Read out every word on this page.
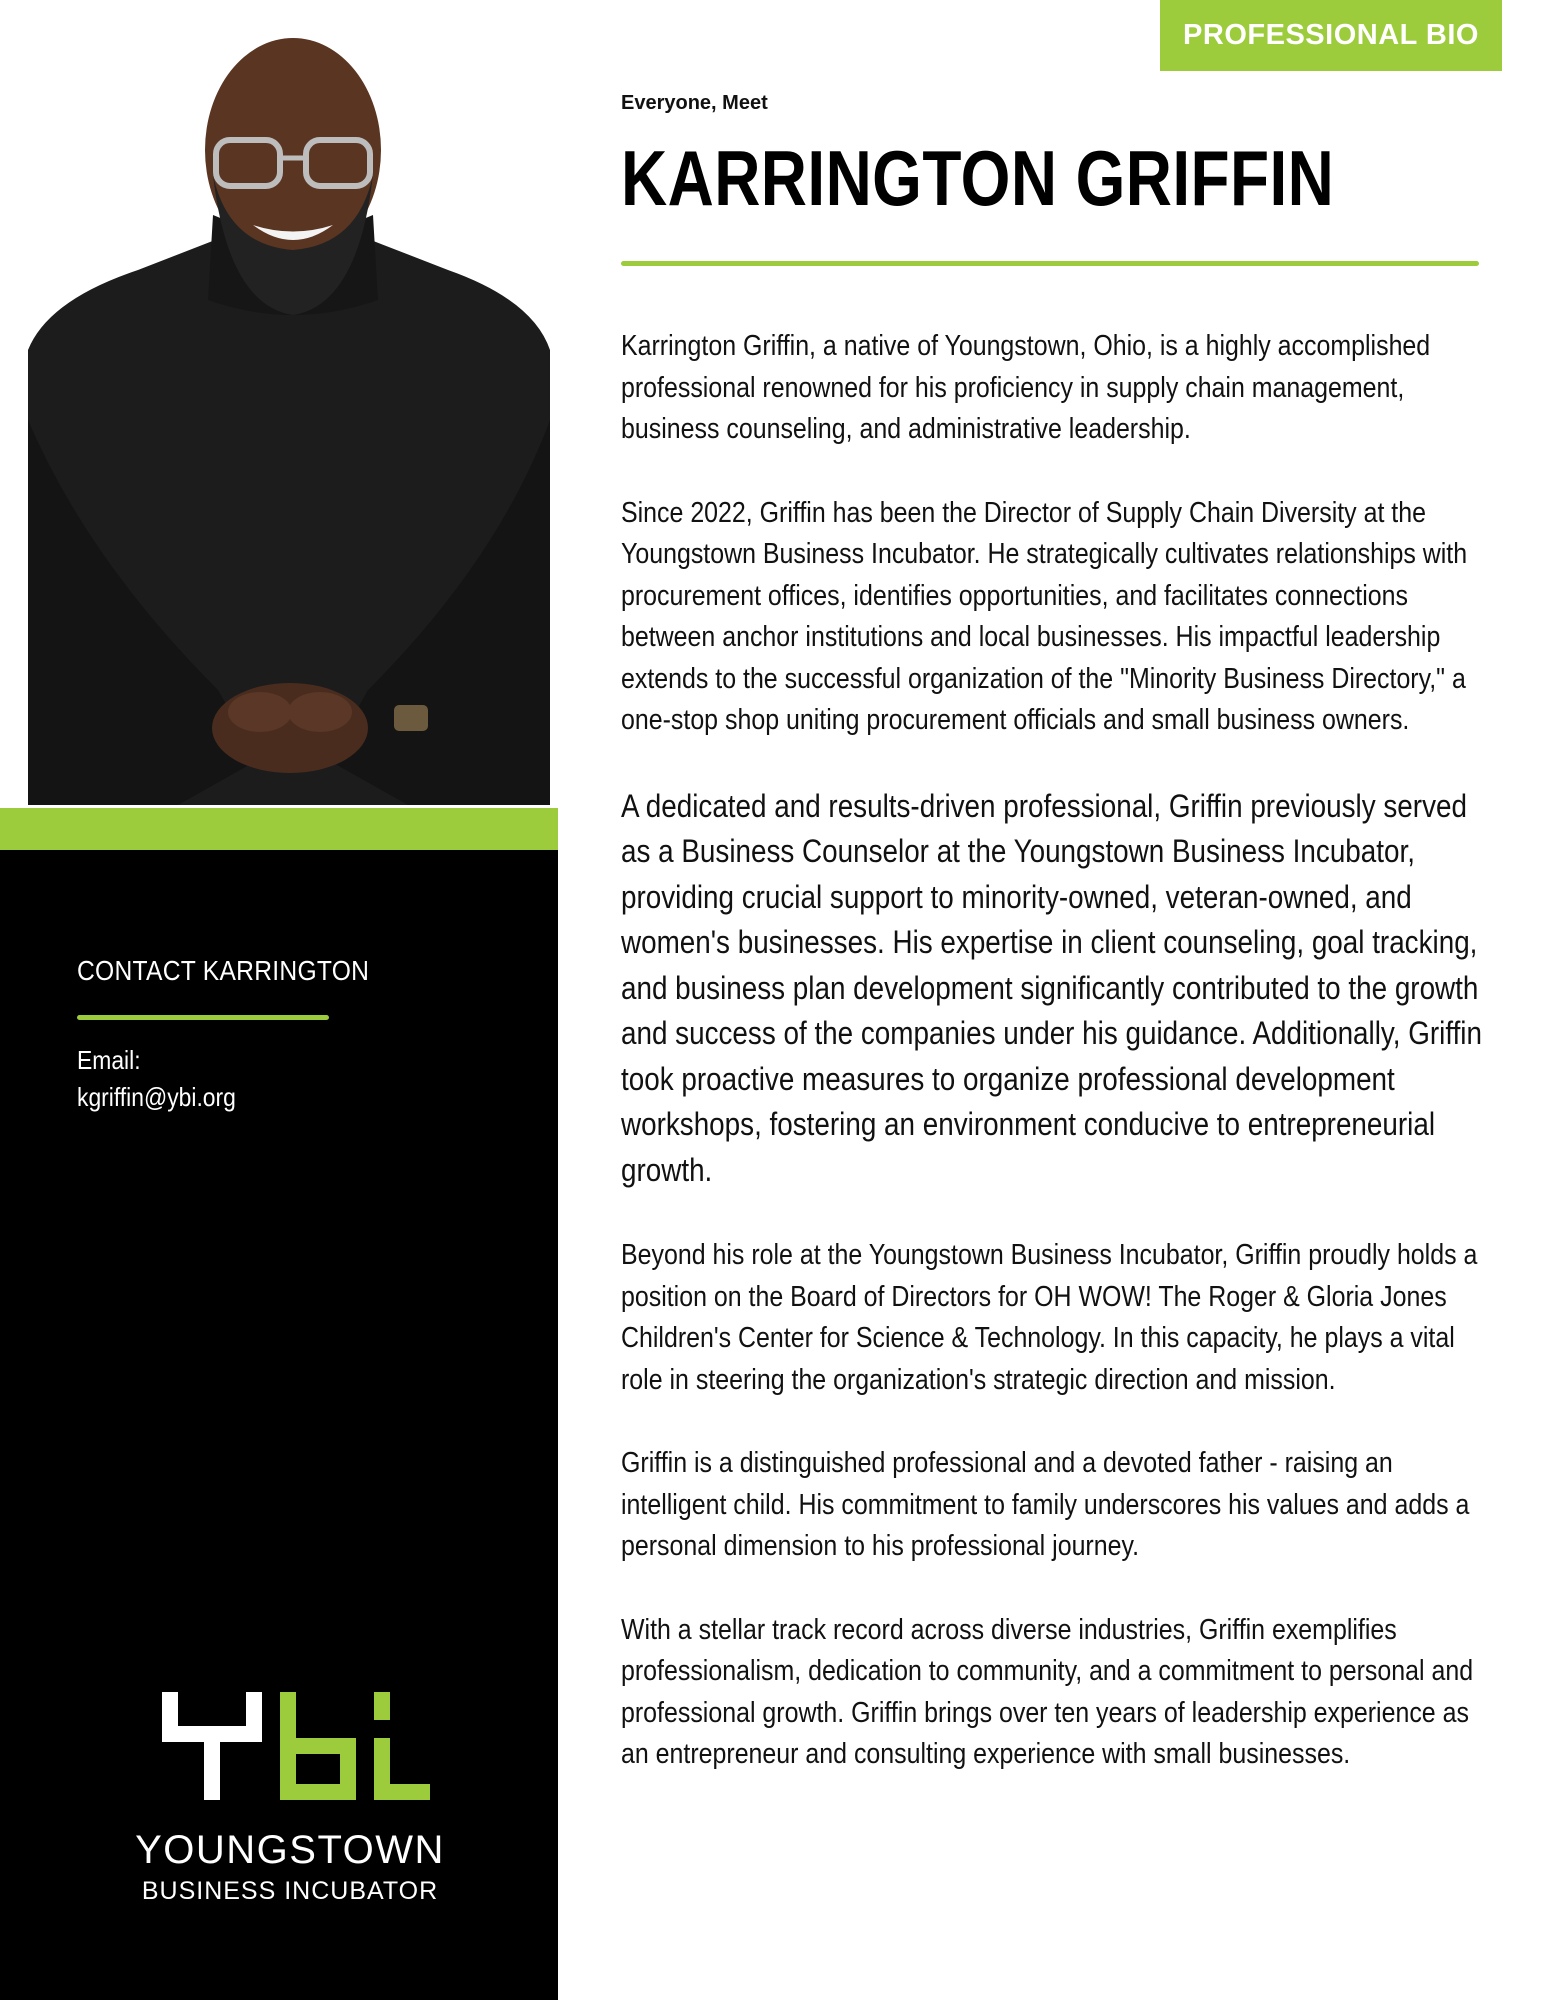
PROFESSIONAL BIO
CONTACT KARRINGTON
Email:
kgriffin@ybi.org
YOUNGSTOWN
BUSINESS INCUBATOR
Everyone, Meet
KARRINGTON GRIFFIN

Karrington Griffin, a native of Youngstown, Ohio, is a highly accomplished professional renowned for his proficiency in supply chain management, business counseling, and administrative leadership.

Since 2022, Griffin has been the Director of Supply Chain Diversity at the Youngstown Business Incubator. He strategically cultivates relationships with procurement offices, identifies opportunities, and facilitates connections between anchor institutions and local businesses. His impactful leadership extends to the successful organization of the "Minority Business Directory," a one-stop shop uniting procurement officials and small business owners.

A dedicated and results-driven professional, Griffin previously served as a Business Counselor at the Youngstown Business Incubator, providing crucial support to minority-owned, veteran-owned, and women's businesses. His expertise in client counseling, goal tracking, and business plan development significantly contributed to the growth and success of the companies under his guidance. Additionally, Griffin took proactive measures to organize professional development workshops, fostering an environment conducive to entrepreneurial growth.

Beyond his role at the Youngstown Business Incubator, Griffin proudly holds a position on the Board of Directors for OH WOW! The Roger & Gloria Jones Children's Center for Science & Technology. In this capacity, he plays a vital role in steering the organization's strategic direction and mission.

Griffin is a distinguished professional and a devoted father - raising an intelligent child. His commitment to family underscores his values and adds a personal dimension to his professional journey.

With a stellar track record across diverse industries, Griffin exemplifies professionalism, dedication to community, and a commitment to personal and professional growth. Griffin brings over ten years of leadership experience as an entrepreneur and consulting experience with small businesses.
